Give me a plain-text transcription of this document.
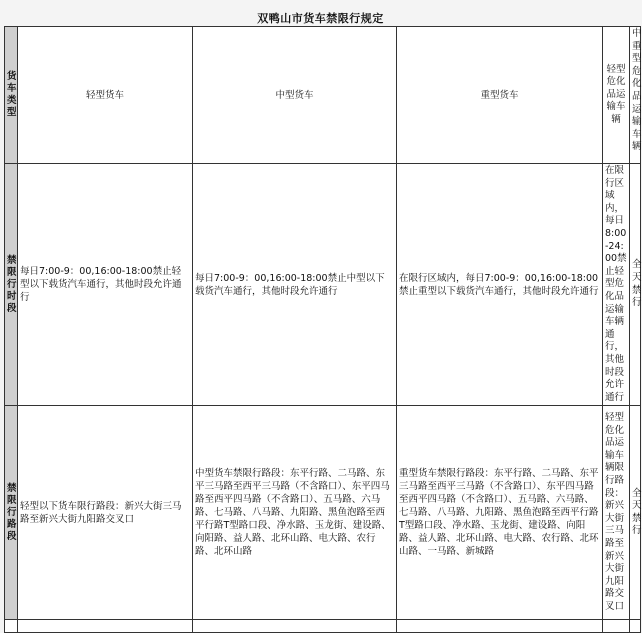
双鸭山市货车禁限行规定
货车类型	轻型货车	中型货车	重型货车	轻型危化品运输车辆	中重型危化品运输车辆
禁限行时段	每日7:00-9：00,16:00-18:00禁止轻型以下载货汽车通行，其他时段允许通行	每日7:00-9：00,16:00-18:00禁止中型以下载货汽车通行，其他时段允许通行	在限行区域内，每日7:00-9：00,16:00-18:00禁止重型以下载货汽车通行，其他时段允许通行	在限行区域内，每日8:00-24:00禁止轻型危化品运输车辆通行，其他时段允许通行	全天禁行
禁限行路段	轻型以下货车限行路段：新兴大街三马路至新兴大街九阳路交叉口	中型货车禁限行路段：东平行路、二马路、东平三马路至西平三马路（不含路口）、东平四马路至西平四马路（不含路口）、五马路、六马路、七马路、八马路、九阳路、黑鱼泡路至西平行路T型路口段、净水路、玉龙街、建设路、向阳路、益人路、北环山路、电大路、农行路、北环山路	重型货车禁限行路段：东平行路、二马路、东平三马路至西平三马路（不含路口）、东平四马路至西平四马路（不含路口）、五马路、六马路、七马路、八马路、九阳路、黑鱼泡路至西平行路T型路口段、净水路、玉龙街、建设路、向阳路、益人路、北环山路、电大路、农行路、北环山路、一马路、新城路	轻型危化品运输车辆限行路段：新兴大街三马路至新兴大街九阳路交叉口	全天禁行
